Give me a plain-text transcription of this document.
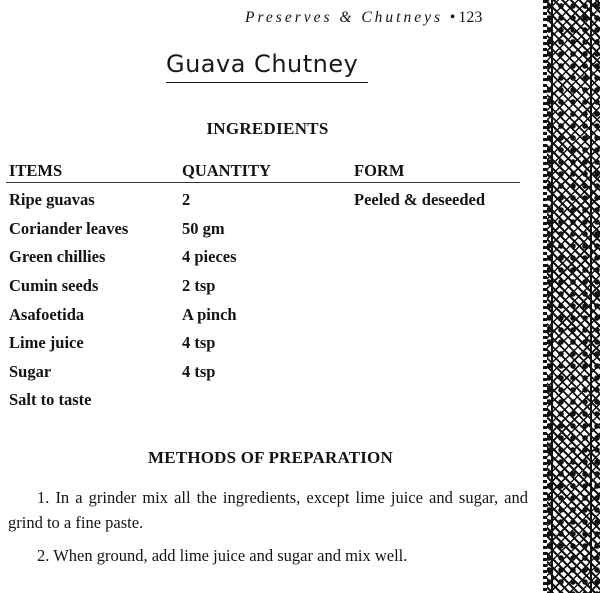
Preserves & Chutneys • 123
Guava Chutney
INGREDIENTS
ITEMS	QUANTITY	FORM
Ripe guavas	2	Peeled & deseeded
Coriander leaves	50 gm
Green chillies	4 pieces
Cumin seeds	2 tsp
Asafoetida	A pinch
Lime juice	4 tsp
Sugar	4 tsp
Salt to taste
METHODS OF PREPARATION
1. In a grinder mix all the ingredients, except lime juice and sugar, and grind to a fine paste.
2. When ground, add lime juice and sugar and mix well.
